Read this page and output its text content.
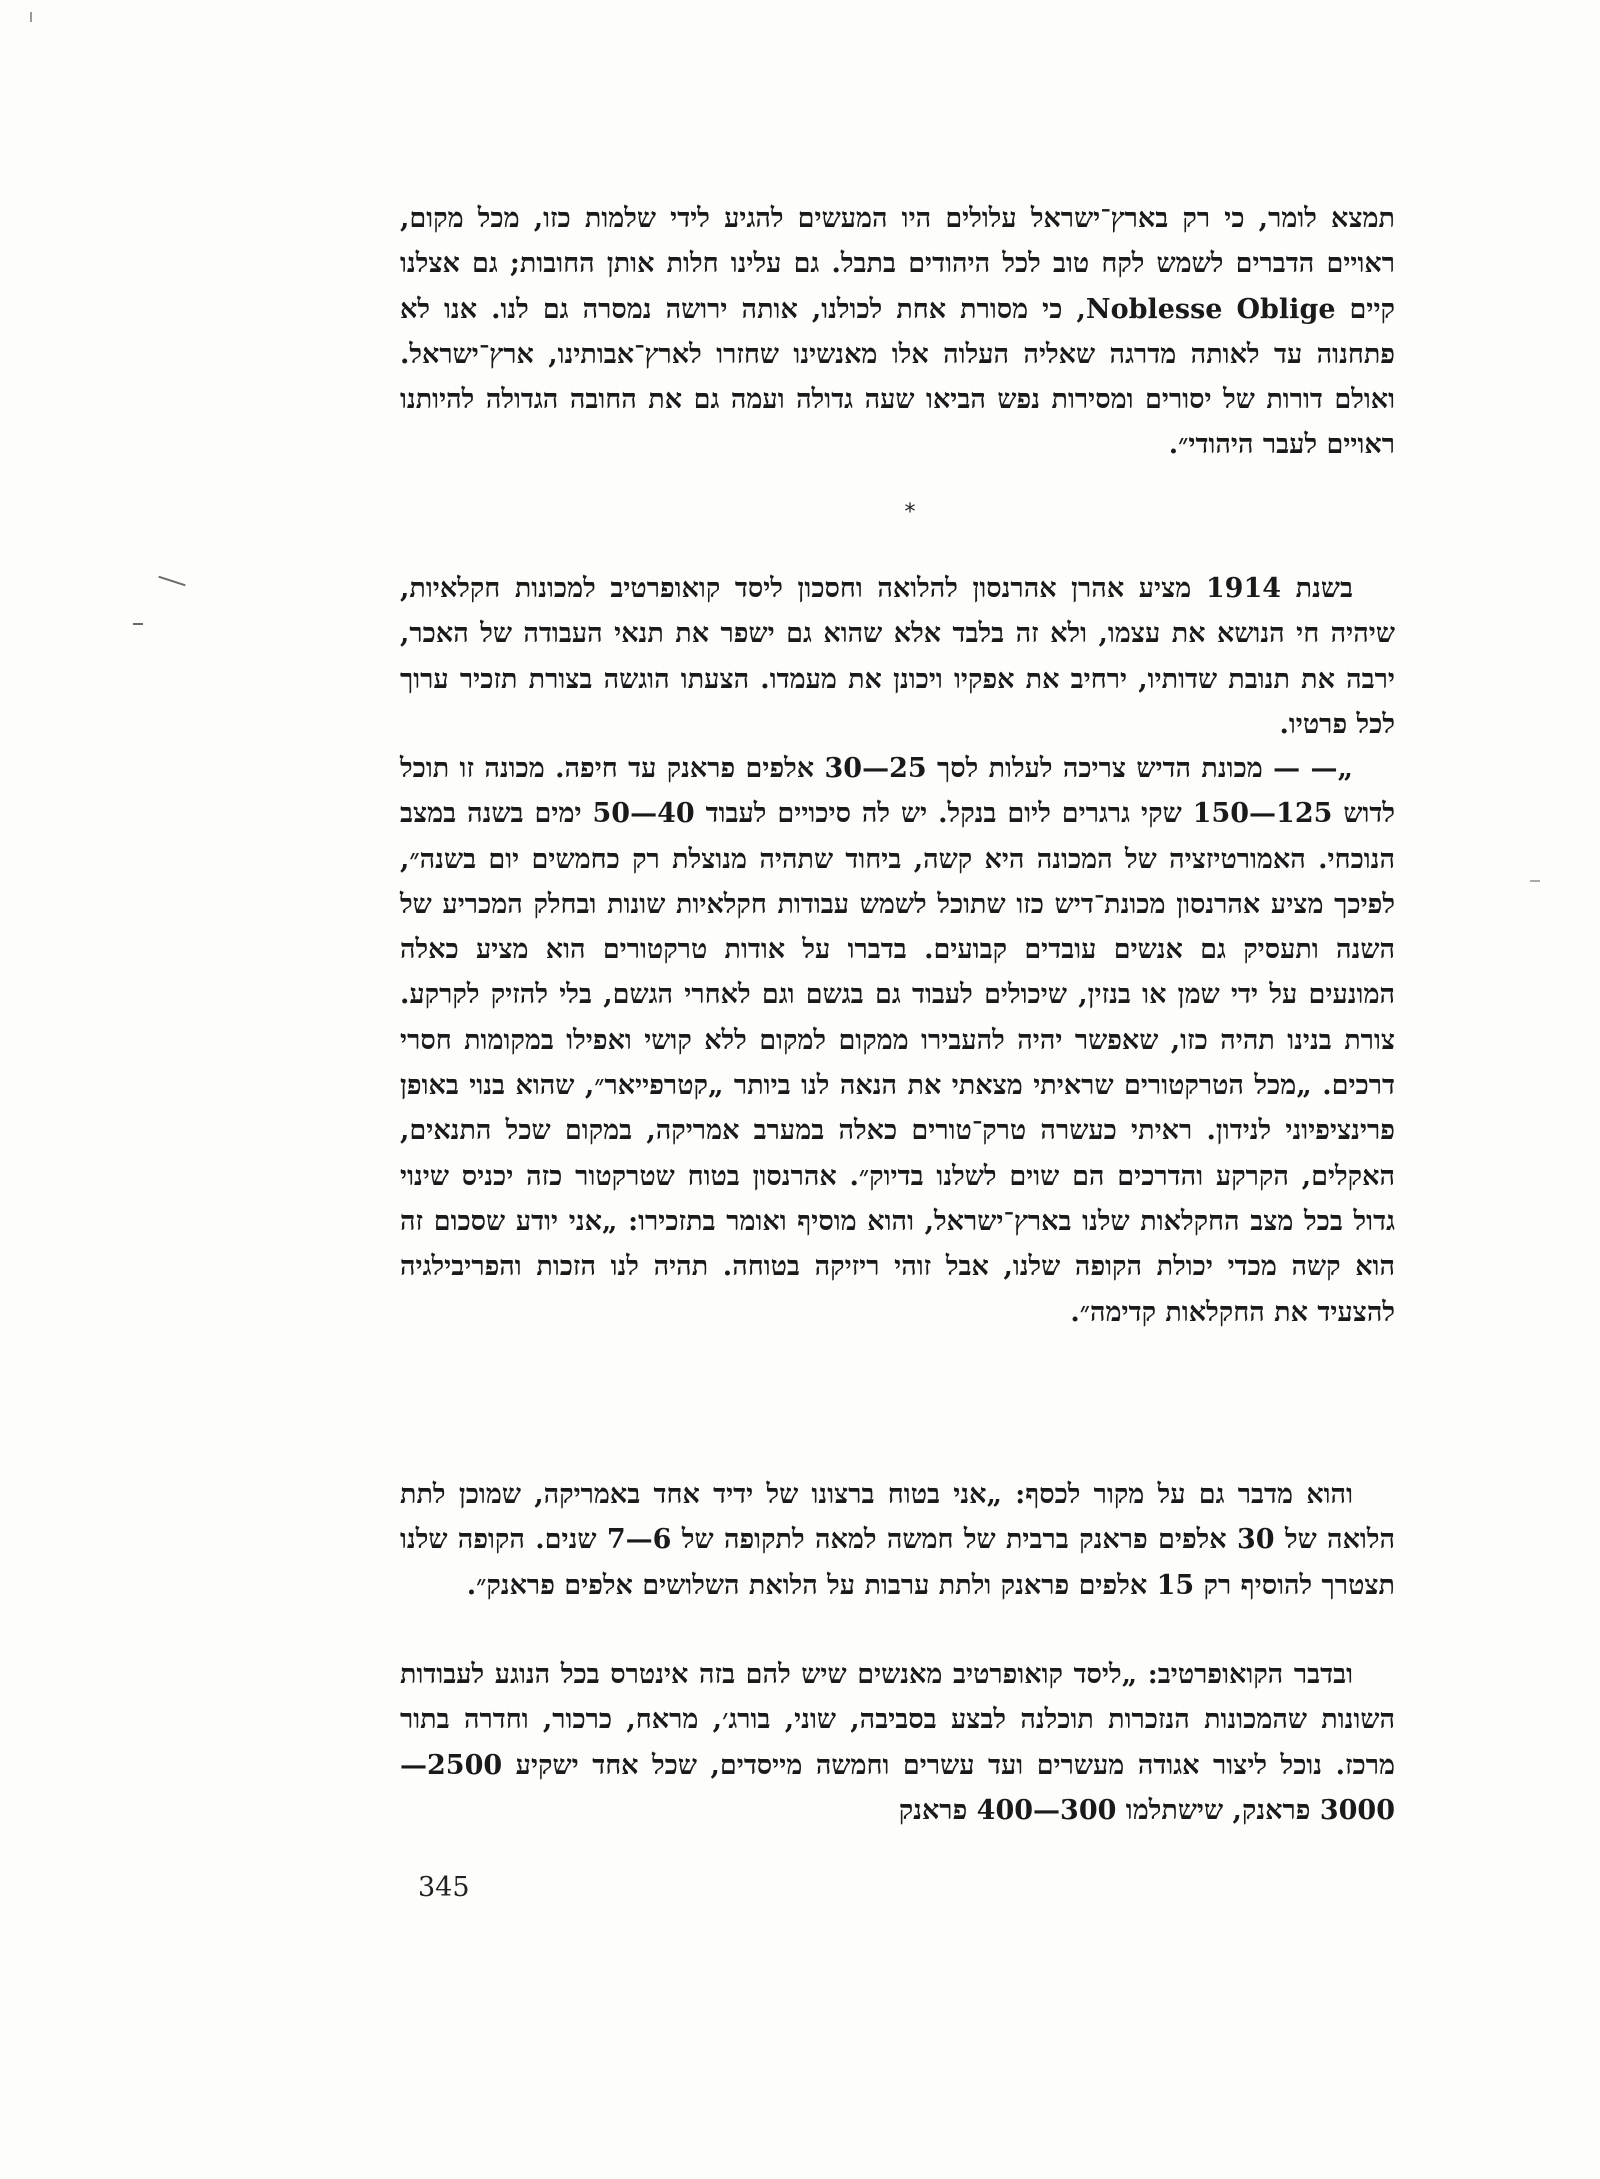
תמצא לומר, כי רק בארץ־ישראל עלולים היו המעשים להגיע לידי שלמות כזו, מכל מקום, ראויים הדברים לשמש לקח טוב לכל היהודים בתבל. גם עלינו חלות אותן החובות; גם אצלנו קיים Noblesse Oblige, כי מסורת אחת לכולנו, אותה ירושה נמסרה גם לנו. אנו לא פתחנוה עד לאותה מדרגה שאליה העלוה אלו מאנשינו שחזרו לארץ־אבותינו, ארץ־ישראל. ואולם דורות של יסורים ומסירות נפש הביאו שעה גדולה ועמה גם את החובה הגדולה להיותנו ראויים לעבר היהודי״.

*

בשנת 1914 מציע אהרן אהרנסון להלואה וחסכון ליסד קואופרטיב למכונות חקלאיות, שיהיה חי הנושא את עצמו, ולא זה בלבד אלא שהוא גם ישפר את תנאי העבודה של האכר, ירבה את תנובת שדותיו, ירחיב את אפקיו ויכונן את מעמדו. הצעתו הוגשה בצורת תזכיר ערוך לכל פרטיו.

„— — מכונת הדיש צריכה לעלות לסך 25—30 אלפים פראנק עד חיפה. מכונה זו תוכל לדוש 125—150 שקי גרגרים ליום בנקל. יש לה סיכויים לעבוד 40—50 ימים בשנה במצב הנוכחי. האמורטיזציה של המכונה היא קשה, ביחוד שתהיה מנוצלת רק כחמשים יום בשנה״, לפיכך מציע אהרנסון מכונת־דיש כזו שתוכל לשמש עבודות חקלאיות שונות ובחלק המכריע של השנה ותעסיק גם אנשים עובדים קבועים. בדברו על אודות טרקטורים הוא מציע כאלה המונעים על ידי שמן או בנזין, שיכולים לעבוד גם בגשם וגם לאחרי הגשם, בלי להזיק לקרקע. צורת בנינו תהיה כזו, שאפשר יהיה להעבירו ממקום למקום ללא קושי ואפילו במקומות חסרי דרכים. „מכל הטרקטורים שראיתי מצאתי את הנאה לנו ביותר „קטרפייאר״, שהוא בנוי באופן פרינציפיוני לנידון. ראיתי כעשרה טרק־טורים כאלה במערב אמריקה, במקום שכל התנאים, האקלים, הקרקע והדרכים הם שוים לשלנו בדיוק״. אהרנסון בטוח שטרקטור כזה יכניס שינוי גדול בכל מצב החקלאות שלנו בארץ־ישראל, והוא מוסיף ואומר בתזכירו: „אני יודע שסכום זה הוא קשה מכדי יכולת הקופה שלנו, אבל זוהי ריזיקה בטוחה. תהיה לנו הזכות והפריבילגיה להצעיד את החקלאות קדימה״.

והוא מדבר גם על מקור לכסף: „אני בטוח ברצונו של ידיד אחד באמריקה, שמוכן לתת הלואה של 30 אלפים פראנק ברבית של חמשה למאה לתקופה של 6—7 שנים. הקופה שלנו תצטרך להוסיף רק 15 אלפים פראנק ולתת ערבות על הלואת השלושים אלפים פראנק״.

ובדבר הקואופרטיב: „ליסד קואופרטיב מאנשים שיש להם בזה אינטרס בכל הנוגע לעבודות השונות שהמכונות הנזכרות תוכלנה לבצע בסביבה, שוני, בורג׳, מראח, כרכור, וחדרה בתור מרכז. נוכל ליצור אגודה מעשרים ועד עשרים וחמשה מייסדים, שכל אחד ישקיע 2500—3000 פראנק, שישתלמו 300—400 פראנק

345
